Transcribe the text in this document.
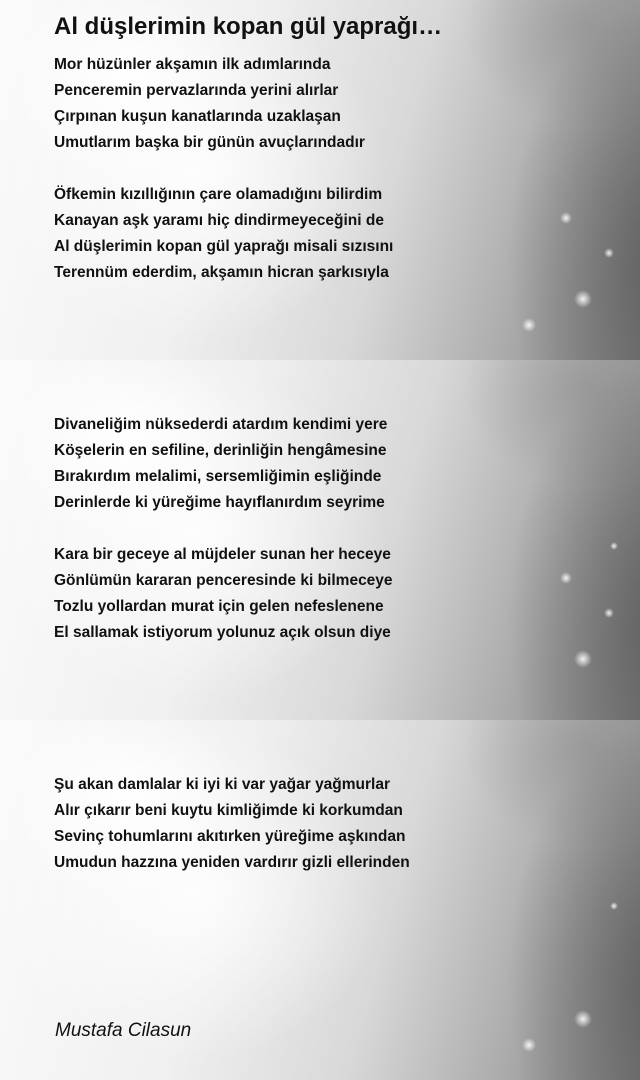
Al düşlerimin kopan gül yaprağı…

Mor hüzünler akşamın ilk adımlarında
Penceremin pervazlarında yerini alırlar
Çırpınan kuşun kanatlarında uzaklaşan
Umutlarım başka bir günün avuçlarındadır

Öfkemin kızıllığının çare olamadığını bilirdim
Kanayan aşk yaramı hiç dindirmeyeceğini de
Al düşlerimin kopan gül yaprağı misali sızısını
Terennüm ederdim, akşamın hicran şarkısıyla

Divaneliğim nüksederdi atardım kendimi yere
Köşelerin en sefiline, derinliğin hengâmesine
Bırakırdım melalimi, sersemliğimin eşliğinde
Derinlerde ki yüreğime hayıflanırdım seyrime

Kara bir geceye al müjdeler sunan her heceye
Gönlümün kararan penceresinde ki bilmeceye
Tozlu yollardan murat için gelen nefeslenene
El sallamak istiyorum yolunuz açık olsun diye

Şu akan damlalar ki iyi ki var yağar yağmurlar
Alır çıkarır beni kuytu kimliğimde ki korkumdan
Sevinç tohumlarını akıtırken yüreğime aşkından
Umudun hazzına yeniden vardırır gizli ellerinden

Mustafa Cilasun
